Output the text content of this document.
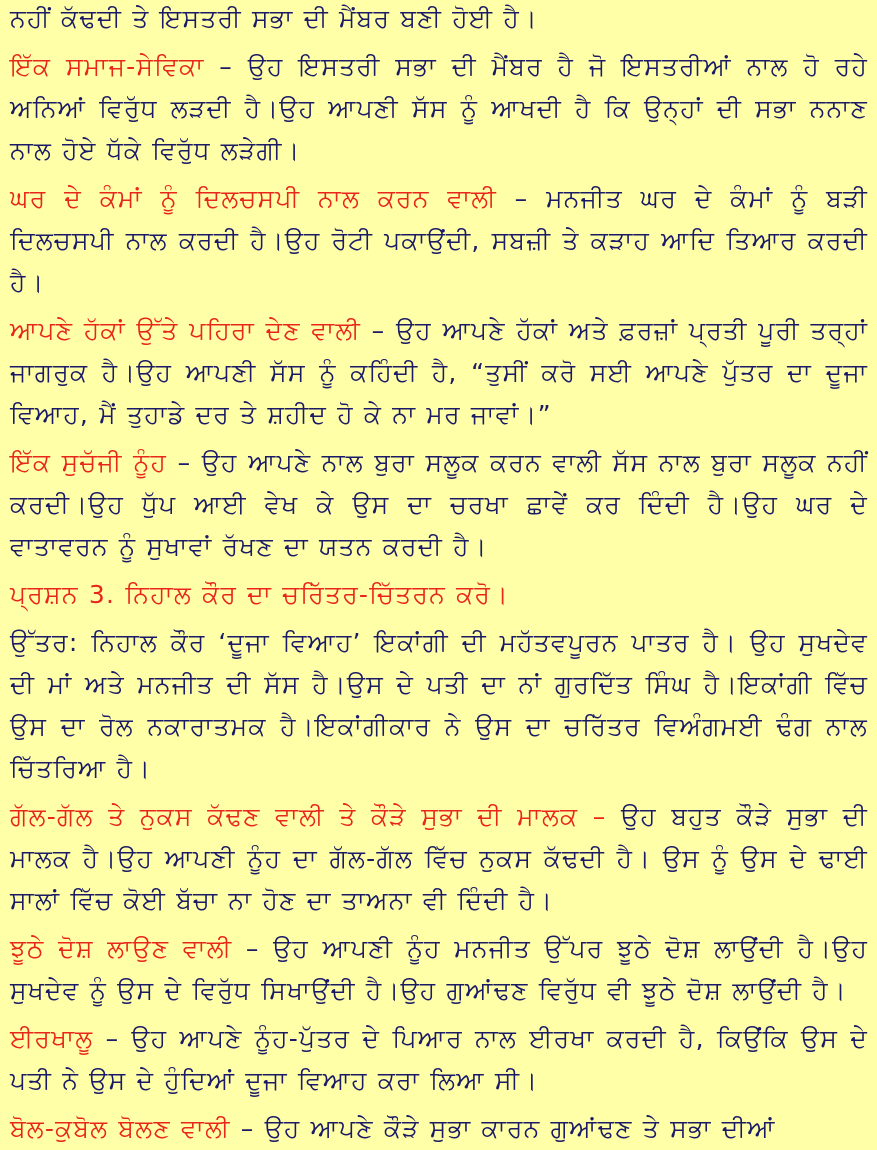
ਨਹੀਂ ਕੱਢਦੀ ਤੇ ਇਸਤਰੀ ਸਭਾ ਦੀ ਮੈਂਬਰ ਬਣੀ ਹੋਈ ਹੈ।

ਇੱਕ ਸਮਾਜ-ਸੇਵਿਕਾ – ਉਹ ਇਸਤਰੀ ਸਭਾ ਦੀ ਮੈਂਬਰ ਹੈ ਜੋ ਇਸਤਰੀਆਂ ਨਾਲ ਹੋ ਰਹੇ ਅਨਿਆਂ ਵਿਰੁੱਧ ਲੜਦੀ ਹੈ।ਉਹ ਆਪਣੀ ਸੱਸ ਨੂੰ ਆਖਦੀ ਹੈ ਕਿ ਉਨ੍ਹਾਂ ਦੀ ਸਭਾ ਨਨਾਣ ਨਾਲ ਹੋਏ ਧੱਕੇ ਵਿਰੁੱਧ ਲੜੇਗੀ।

ਘਰ ਦੇ ਕੰਮਾਂ ਨੂੰ ਦਿਲਚਸਪੀ ਨਾਲ ਕਰਨ ਵਾਲੀ – ਮਨਜੀਤ ਘਰ ਦੇ ਕੰਮਾਂ ਨੂੰ ਬੜੀ ਦਿਲਚਸਪੀ ਨਾਲ ਕਰਦੀ ਹੈ।ਉਹ ਰੋਟੀ ਪਕਾਉਂਦੀ, ਸਬਜ਼ੀ ਤੇ ਕੜਾਹ ਆਦਿ ਤਿਆਰ ਕਰਦੀ ਹੈ।

ਆਪਣੇ ਹੱਕਾਂ ਉੱਤੇ ਪਹਿਰਾ ਦੇਣ ਵਾਲੀ – ਉਹ ਆਪਣੇ ਹੱਕਾਂ ਅਤੇ ਫ਼ਰਜ਼ਾਂ ਪ੍ਰਤੀ ਪੂਰੀ ਤਰ੍ਹਾਂ ਜਾਗਰੁਕ ਹੈ।ਉਹ ਆਪਣੀ ਸੱਸ ਨੂੰ ਕਹਿੰਦੀ ਹੈ, “ਤੁਸੀਂ ਕਰੋ ਸਈ ਆਪਣੇ ਪੁੱਤਰ ਦਾ ਦੂਜਾ ਵਿਆਹ, ਮੈਂ ਤੁਹਾਡੇ ਦਰ ਤੇ ਸ਼ਹੀਦ ਹੋ ਕੇ ਨਾ ਮਰ ਜਾਵਾਂ।”

ਇੱਕ ਸੁਚੱਜੀ ਨੂੰਹ – ਉਹ ਆਪਣੇ ਨਾਲ ਬੁਰਾ ਸਲੂਕ ਕਰਨ ਵਾਲੀ ਸੱਸ ਨਾਲ ਬੁਰਾ ਸਲੂਕ ਨਹੀਂ ਕਰਦੀ।ਉਹ ਧੁੱਪ ਆਈ ਵੇਖ ਕੇ ਉਸ ਦਾ ਚਰਖਾ ਛਾਵੇਂ ਕਰ ਦਿੰਦੀ ਹੈ।ਉਹ ਘਰ ਦੇ ਵਾਤਾਵਰਨ ਨੂੰ ਸੁਖਾਵਾਂ ਰੱਖਣ ਦਾ ਯਤਨ ਕਰਦੀ ਹੈ।

ਪ੍ਰਸ਼ਨ 3. ਨਿਹਾਲ ਕੌਰ ਦਾ ਚਰਿੱਤਰ-ਚਿੱਤਰਨ ਕਰੋ।

ਉੱਤਰ: ਨਿਹਾਲ ਕੌਰ ‘ਦੂਜਾ ਵਿਆਹ’ ਇਕਾਂਗੀ ਦੀ ਮਹੱਤਵਪੂਰਨ ਪਾਤਰ ਹੈ। ਉਹ ਸੁਖਦੇਵ ਦੀ ਮਾਂ ਅਤੇ ਮਨਜੀਤ ਦੀ ਸੱਸ ਹੈ।ਉਸ ਦੇ ਪਤੀ ਦਾ ਨਾਂ ਗੁਰਦਿੱਤ ਸਿੰਘ ਹੈ।ਇਕਾਂਗੀ ਵਿੱਚ ਉਸ ਦਾ ਰੋਲ ਨਕਾਰਾਤਮਕ ਹੈ।ਇਕਾਂਗੀਕਾਰ ਨੇ ਉਸ ਦਾ ਚਰਿੱਤਰ ਵਿਅੰਗਮਈ ਢੰਗ ਨਾਲ ਚਿੱਤਰਿਆ ਹੈ।

ਗੱਲ-ਗੱਲ ਤੇ ਨੁਕਸ ਕੱਢਣ ਵਾਲੀ ਤੇ ਕੌੜੇ ਸੁਭਾ ਦੀ ਮਾਲਕ – ਉਹ ਬਹੁਤ ਕੌੜੇ ਸੁਭਾ ਦੀ ਮਾਲਕ ਹੈ।ਉਹ ਆਪਣੀ ਨੂੰਹ ਦਾ ਗੱਲ-ਗੱਲ ਵਿੱਚ ਨੁਕਸ ਕੱਢਦੀ ਹੈ। ਉਸ ਨੂੰ ਉਸ ਦੇ ਢਾਈ ਸਾਲਾਂ ਵਿੱਚ ਕੋਈ ਬੱਚਾ ਨਾ ਹੋਣ ਦਾ ਤਾਅਨਾ ਵੀ ਦਿੰਦੀ ਹੈ।

ਝੂਠੇ ਦੋਸ਼ ਲਾਉਣ ਵਾਲੀ – ਉਹ ਆਪਣੀ ਨੂੰਹ ਮਨਜੀਤ ਉੱਪਰ ਝੂਠੇ ਦੋਸ਼ ਲਾਉਂਦੀ ਹੈ।ਉਹ ਸੁਖਦੇਵ ਨੂੰ ਉਸ ਦੇ ਵਿਰੁੱਧ ਸਿਖਾਉਂਦੀ ਹੈ।ਉਹ ਗੁਆਂਢਣ ਵਿਰੁੱਧ ਵੀ ਝੂਠੇ ਦੋਸ਼ ਲਾਉਂਦੀ ਹੈ।

ਈਰਖਾਲੂ – ਉਹ ਆਪਣੇ ਨੂੰਹ-ਪੁੱਤਰ ਦੇ ਪਿਆਰ ਨਾਲ ਈਰਖਾ ਕਰਦੀ ਹੈ, ਕਿਉਂਕਿ ਉਸ ਦੇ ਪਤੀ ਨੇ ਉਸ ਦੇ ਹੁੰਦਿਆਂ ਦੂਜਾ ਵਿਆਹ ਕਰਾ ਲਿਆ ਸੀ।

ਬੋਲ-ਕੁਬੋਲ ਬੋਲਣ ਵਾਲੀ – ਉਹ ਆਪਣੇ ਕੌੜੇ ਸੁਭਾ ਕਾਰਨ ਗੁਆਂਢਣ ਤੇ ਸਭਾ ਦੀਆਂ
